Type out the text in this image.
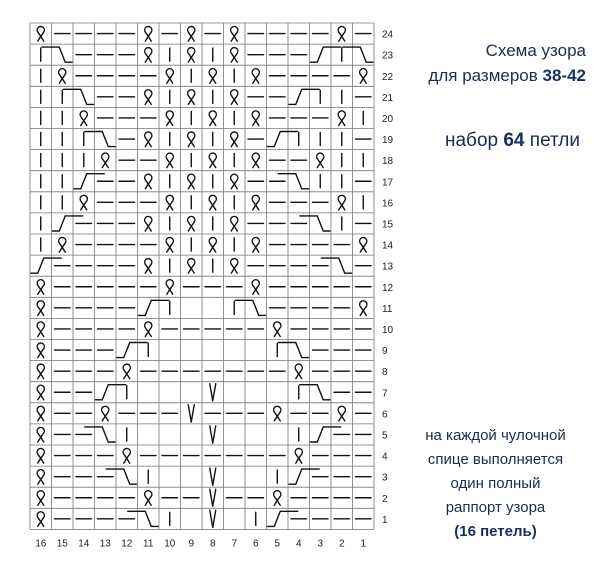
16 15 14 13 12 11 10 9 8 7 6 5 4 3 2 1
24
23
22
21
20
19
18
17
16
15
14
13
12
11
10
9
8
7
6
5
4
3
2
1
Схема узора
для размеров 38-42
набор 64 петли
на каждой чулочной
спице выполняется
один полный
раппорт узора
(16 петель)
